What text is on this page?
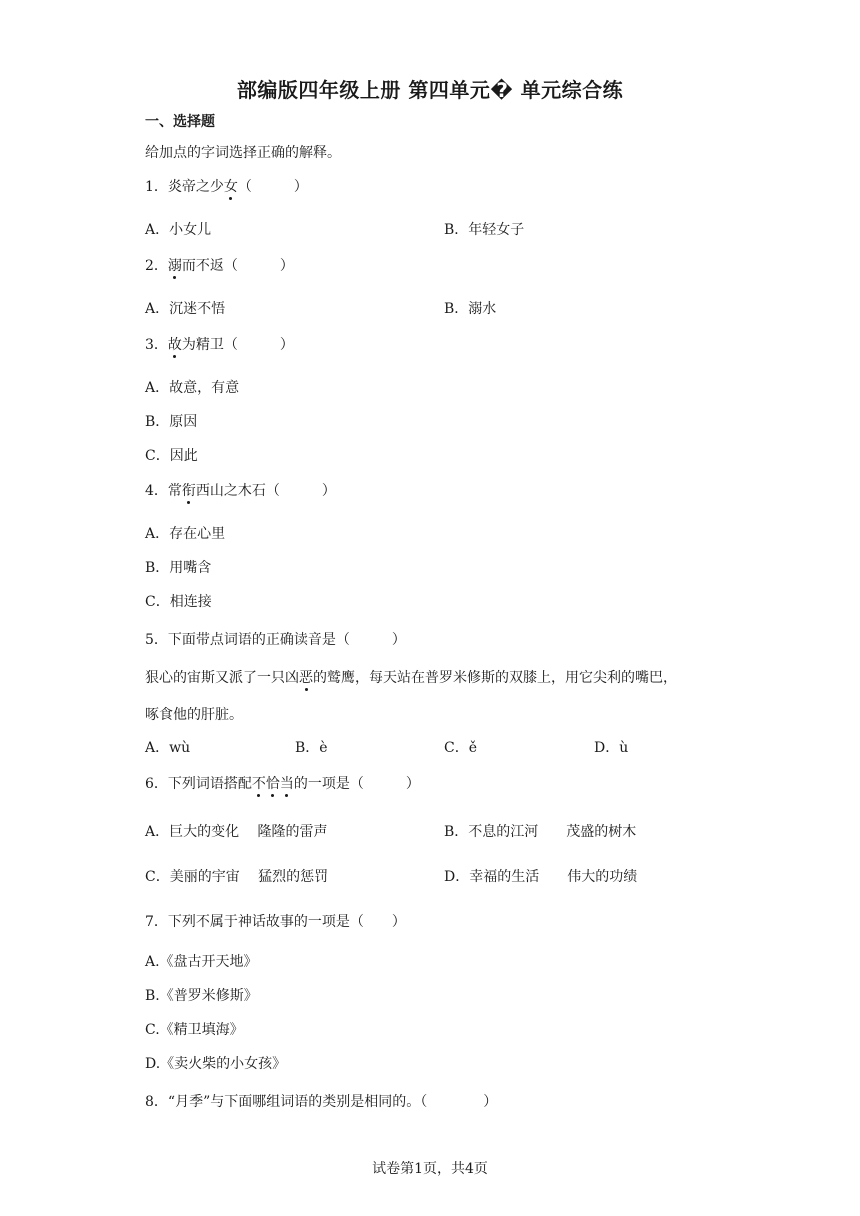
部编版四年级上册 第四单元� 单元综合练
一、选择题
给加点的字词选择正确的解释。
1．炎帝之少女（　　　）
A．小女儿	B．年轻女子
2．溺而不返（　　　）
A．沉迷不悟	B．溺水
3．故为精卫（　　　）
A．故意，有意
B．原因
C．因此
4．常衔西山之木石（　　　）
A．存在心里
B．用嘴含
C．相连接
5．下面带点词语的正确读音是（　　　）
狠心的宙斯又派了一只凶恶的鹫鹰，每天站在普罗米修斯的双膝上，用它尖利的嘴巴，
啄食他的肝脏。
A．wù	B．è	C．ě	D．ù
6．下列词语搭配不恰当的一项是（　　　）
A．巨大的变化　 隆隆的雷声	B．不息的江河　　茂盛的树木
C．美丽的宇宙　 猛烈的惩罚	D．幸福的生活　　伟大的功绩
7．下列不属于神话故事的一项是（　　）
A.《盘古开天地》
B.《普罗米修斯》
C.《精卫填海》
D.《卖火柴的小女孩》
8．“月季”与下面哪组词语的类别是相同的。（　　　　）
试卷第1页，共4页
